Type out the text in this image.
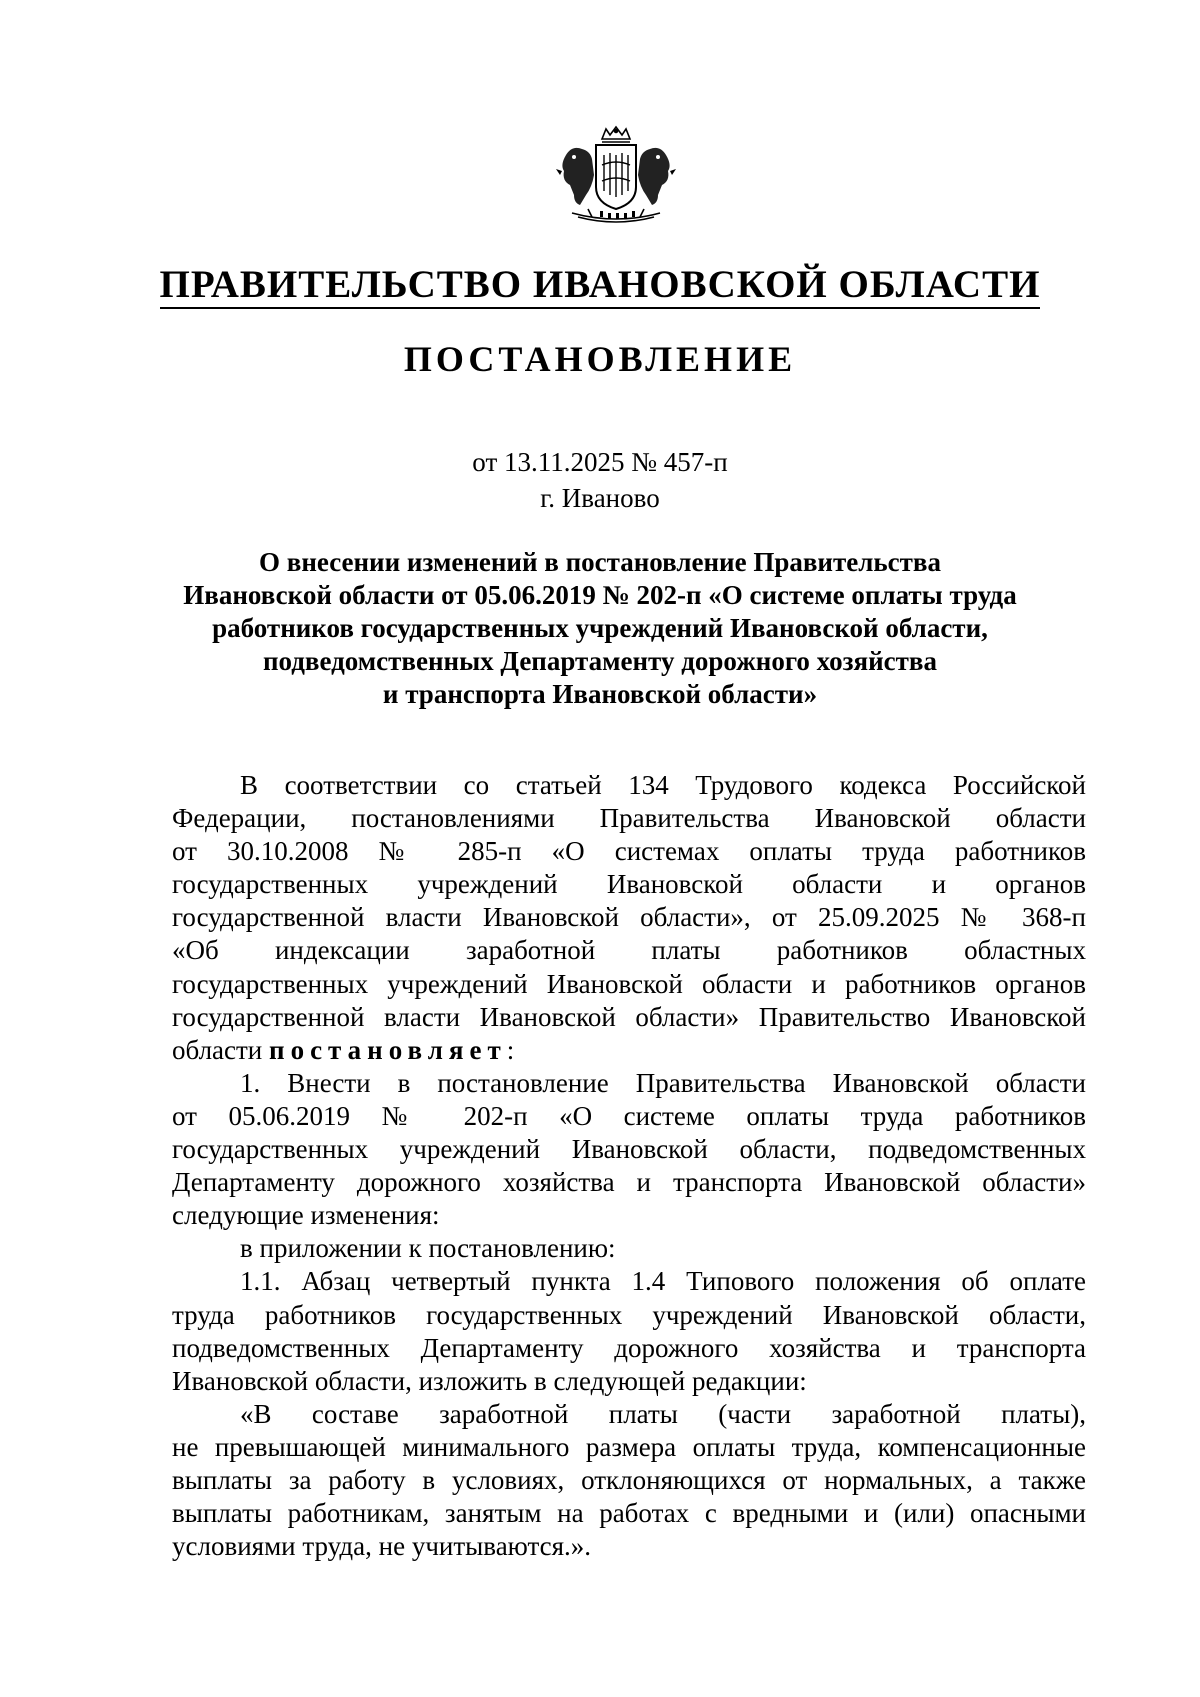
ПРАВИТЕЛЬСТВО ИВАНОВСКОЙ ОБЛАСТИ
ПОСТАНОВЛЕНИЕ
от 13.11.2025 № 457-п
г. Иваново
О внесении изменений в постановление Правительства
Ивановской области от 05.06.2019 № 202-п «О системе оплаты труда
работников государственных учреждений Ивановской области,
подведомственных Департаменту дорожного хозяйства
и транспорта Ивановской области»
В соответствии со статьей 134 Трудового кодекса Российской
Федерации, постановлениями Правительства Ивановской области
от 30.10.2008 № 285-п «О системах оплаты труда работников
государственных учреждений Ивановской области и органов
государственной власти Ивановской области», от 25.09.2025 № 368-п
«Об индексации заработной платы работников областных
государственных учреждений Ивановской области и работников органов
государственной власти Ивановской области» Правительство Ивановской
области постановляет:
1. Внести в постановление Правительства Ивановской области
от 05.06.2019 № 202-п «О системе оплаты труда работников
государственных учреждений Ивановской области, подведомственных
Департаменту дорожного хозяйства и транспорта Ивановской области»
следующие изменения:
в приложении к постановлению:
1.1. Абзац четвертый пункта 1.4 Типового положения об оплате
труда работников государственных учреждений Ивановской области,
подведомственных Департаменту дорожного хозяйства и транспорта
Ивановской области, изложить в следующей редакции:
«В составе заработной платы (части заработной платы),
не превышающей минимального размера оплаты труда, компенсационные
выплаты за работу в условиях, отклоняющихся от нормальных, а также
выплаты работникам, занятым на работах с вредными и (или) опасными
условиями труда, не учитываются.».
